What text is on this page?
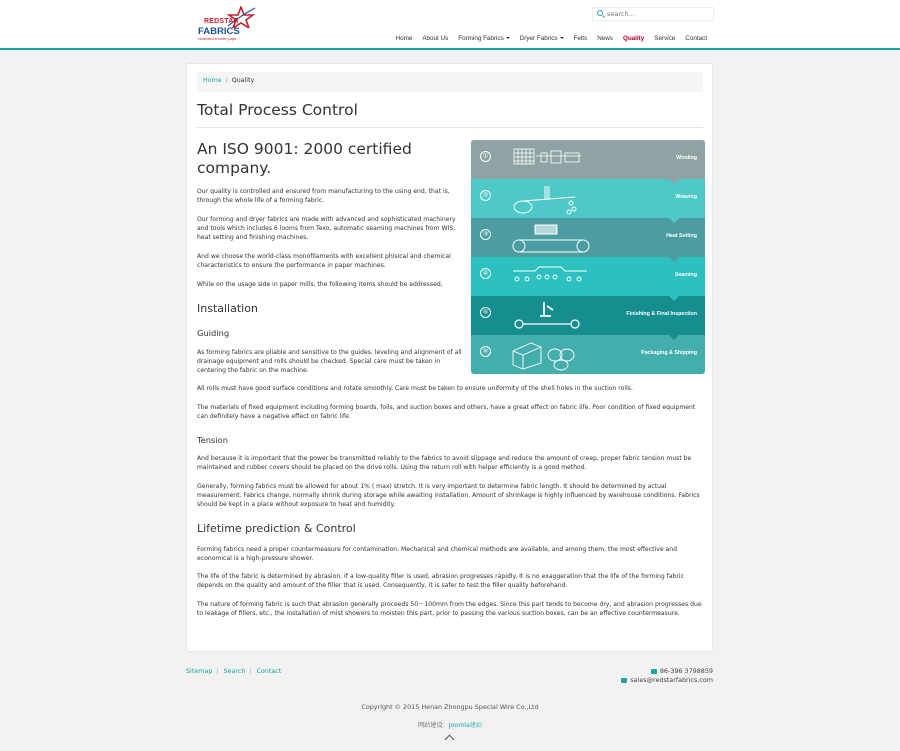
REDSTAR
FABRICS
committed to better paper
search...	Home About Us Forming Fabrics	Dryer Fabrics	Felts News Quality Service Contact
Home / Quality
Total Process Control
An ISO 9001: 2000 certified company.
Our quality is controlled and ensured from manufacturing to the using end, that is, through the whole life of a forming fabric.
Our forming and dryer fabrics are made with advanced and sophisticated machinery and tools which includes 6 looms from Texo, automatic seaming machines from WIS, heat setting and finishing machines.
And we choose the world-class monofilaments with excellent phisical and chemical characteristics to ensure the performance in paper machines.
While on the usage side in paper mills, the following items should be addressed,
Installation
Guiding
As forming fabrics are pliable and sensitive to the guides, leveling and alignment of all drainage equipment and rolls should be checked. Special care must be taken in centering the fabric on the machine.
All rolls must have good surface conditions and rotate smoothly. Care must be taken to ensure uniformity of the shell holes in the suction rolls.
The materials of fixed equipment including forming boards, foils, and suction boxes and others, have a great effect on fabric life. Poor condition of fixed equipment can definitely have a negative effect on fabric life.
Tension
And because it is important that the power be transmitted reliably to the fabrics to avoid slippage and reduce the amount of creep, proper fabric tension must be maintained and rubber covers should be placed on the drive rolls. Using the return roll with helper efficiently is a good method.
Generally, forming fabrics must be allowed for about 1% ( max) stretch. It is very important to determine fabric length. It should be determined by actual measurement. Fabrics change, normally shrink during storage while awaiting installation. Amount of shrinkage is highly influenced by warehouse conditions. Fabrics should be kept in a place without exposure to heat and humidity.
Lifetime prediction & Control
Forming fabrics need a proper countermeasure for contamination. Mechanical and chemical methods are available, and among them, the most effective and economical is a high-pressure shower.
The life of the fabric is determined by abrasion. If a low-quality filler is used, abrasion progresses rapidly. It is no exaggeration that the life of the forming fabric depends on the quality and amount of the filler that is used. Consequently, it is safer to test the filler quality beforehand.
The nature of forming fabric is such that abrasion generally proceeds 50～100mm from the edges. Since this part tends to become dry, and abrasion progresses due to leakage of fillers, etc., the installation of mist showers to moisten this part, prior to passing the various suction boxes, can be an effective countermeasure.
①	Winding
②	Weaving
③	Heat Setting
④	Seaming
⑤	Finishing & Final Inspection
⑥	Packaging & Shipping
Sitemap Search Contact	86-396 3798859
sales@redstarfabrics.com
Copyright © 2015 Henan Zhongpu Special Wire Co.,Ltd
网站建设：Joomla建站
